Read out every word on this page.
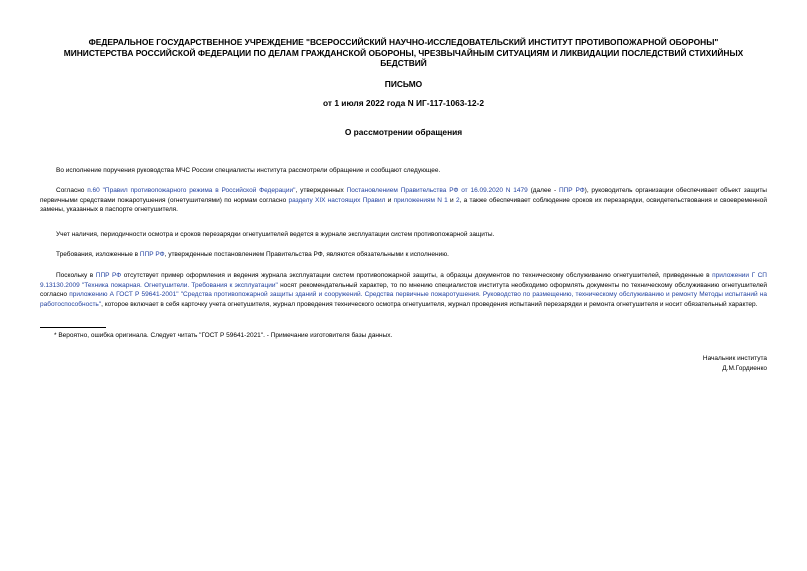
ФЕДЕРАЛЬНОЕ ГОСУДАРСТВЕННОЕ УЧРЕЖДЕНИЕ "ВСЕРОССИЙСКИЙ НАУЧНО-ИССЛЕДОВАТЕЛЬСКИЙ ИНСТИТУТ ПРОТИВОПОЖАРНОЙ ОБОРОНЫ"
МИНИСТЕРСТВА РОССИЙСКОЙ ФЕДЕРАЦИИ ПО ДЕЛАМ ГРАЖДАНСКОЙ ОБОРОНЫ, ЧРЕЗВЫЧАЙНЫМ СИТУАЦИЯМ И ЛИКВИДАЦИИ ПОСЛЕДСТВИЙ СТИХИЙНЫХ
БЕДСТВИЙ
ПИСЬМО
от 1 июля 2022 года N ИГ-117-1063-12-2
О рассмотрении обращения

Во исполнение поручения руководства МЧС России специалисты института рассмотрели обращение и сообщают следующее.

Согласно п.60 "Правил противопожарного режима в Российской Федерации", утвержденных Постановлением Правительства РФ от 16.09.2020 N 1479 (далее - ППР РФ), руководитель организации обеспечивает объект защиты первичными средствами пожаротушения (огнетушителями) по нормам согласно разделу XIX настоящих Правил и приложениям N 1 и 2, а также обеспечивает соблюдение сроков их перезарядки, освидетельствования и своевременной замены, указанных в паспорте огнетушителя.

Учет наличия, периодичности осмотра и сроков перезарядки огнетушителей ведется в журнале эксплуатации систем противопожарной защиты.

Требования, изложенные в ППР РФ, утвержденные постановлением Правительства РФ, являются обязательными к исполнению.

Поскольку в ППР РФ отсутствует пример оформления и ведения журнала эксплуатации систем противопожарной защиты, а образцы документов по техническому обслуживанию огнетушителей, приведенные в приложении Г СП 9.13130.2009 "Техника пожарная. Огнетушители. Требования к эксплуатации" носят рекомендательный характер, то по мнению специалистов института необходимо оформлять документы по техническому обслуживанию огнетушителей согласно приложению А ГОСТ Р 59641-2001" "Средства противопожарной защиты зданий и сооружений. Средства первичные пожаротушения. Руководство по размещению, техническому обслуживанию и ремонту Методы испытаний на работоспособность", которое включает в себя карточку учета огнетушителя, журнал проведения технического осмотра огнетушителя, журнал проведения испытаний перезарядки и ремонта огнетушителя и носит обязательный характер.

* Вероятно, ошибка оригинала. Следует читать "ГОСТ Р 59641-2021". - Примечание изготовителя базы данных.
Начальник института
Д.М.Гордиенко
